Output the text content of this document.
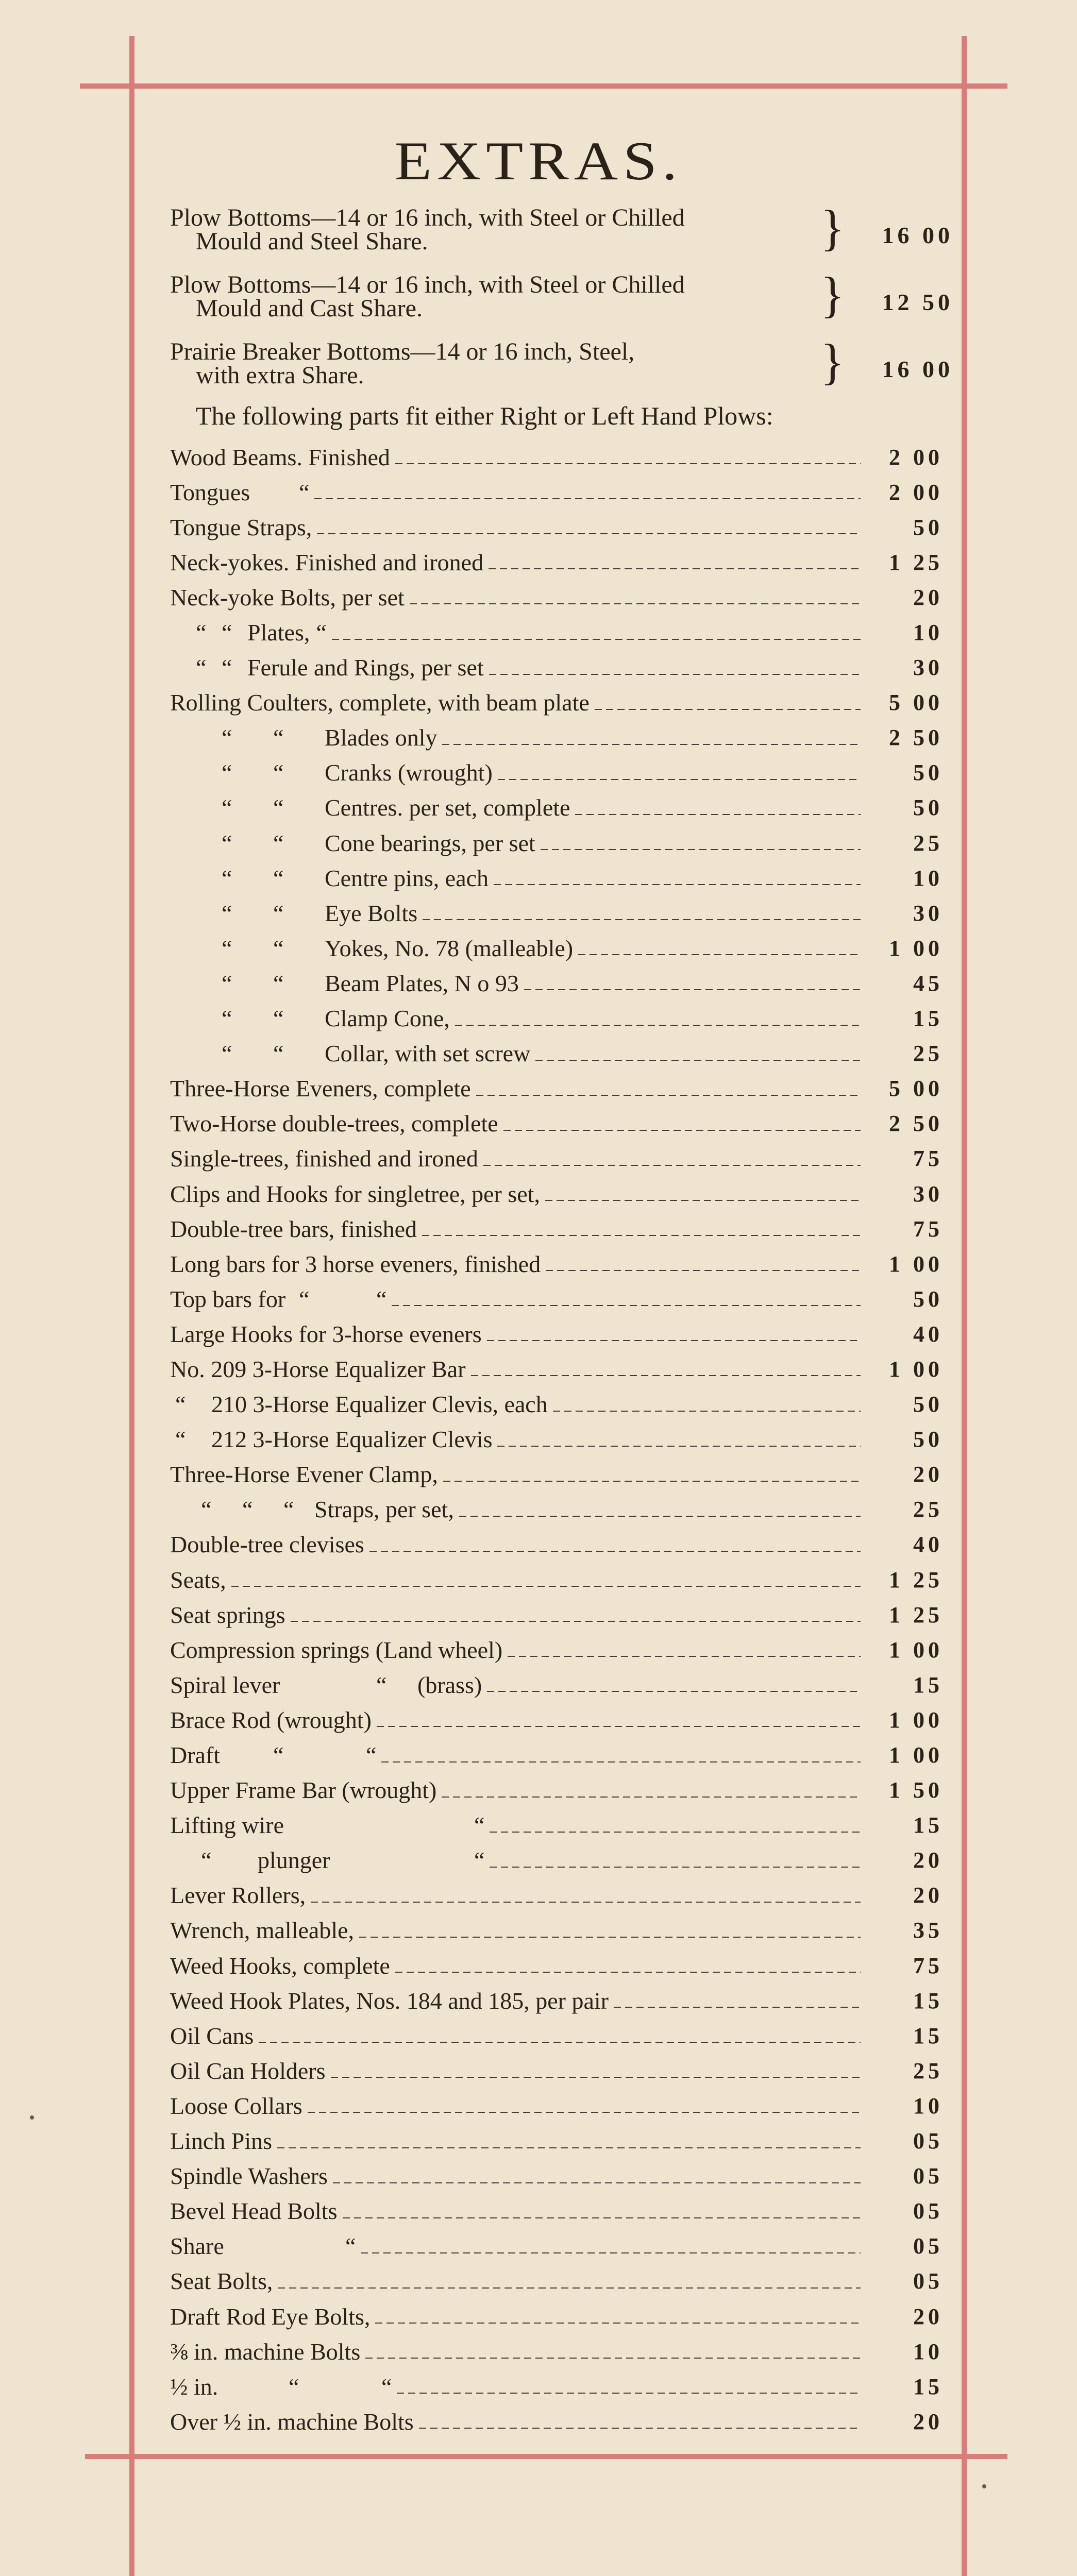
EXTRAS.
Plow Bottoms—14 or 16 inch, with Steel or Chilled
Mould and Steel Share.	} 16 00
Plow Bottoms—14 or 16 inch, with Steel or Chilled
Mould and Cast Share.	} 12 50
Prairie Breaker Bottoms—14 or 16 inch, Steel,
with extra Share.	} 16 00
The following parts fit either Right or Left Hand Plows:
Wood Beams. Finished	2 00
Tongues “	2 00
Tongue Straps,	50
Neck-yokes. Finished and ironed	1 25
Neck-yoke Bolts, per set	20
“ “ Plates, “	10
“ “ Ferule and Rings, per set	30
Rolling Coulters, complete, with beam plate	5 00
“ “ Blades only	2 50
“ “ Cranks (wrought)	50
“ “ Centres. per set, complete	50
“ “ Cone bearings, per set	25
“ “ Centre pins, each	10
“ “ Eye Bolts	30
“ “ Yokes, No. 78 (malleable)	1 00
“ “ Beam Plates, N o 93	45
“ “ Clamp Cone,	15
“ “ Collar, with set screw	25
Three-Horse Eveners, complete	5 00
Two-Horse double-trees, complete	2 50
Single-trees, finished and ironed	75
Clips and Hooks for singletree, per set,	30
Double-tree bars, finished	75
Long bars for 3 horse eveners, finished	1 00
Top bars for “	“	50
Large Hooks for 3-horse eveners	40
No. 209 3-Horse Equalizer Bar	1 00
“ 210 3-Horse Equalizer Clevis, each	50
“ 212 3-Horse Equalizer Clevis	50
Three-Horse Evener Clamp,	20
“ “ “ Straps, per set,	25
Double-tree clevises	40
Seats,	1 25
Seat springs	1 25
Compression springs (Land wheel)	1 00
Spiral lever	“ (brass)	15
Brace Rod (wrought)	1 00
Draft “	“	1 00
Upper Frame Bar (wrought)	1 50
Lifting wire	“	15
“ plunger	“	20
Lever Rollers,	20
Wrench, malleable,	35
Weed Hooks, complete	75
Weed Hook Plates, Nos. 184 and 185, per pair	15
Oil Cans	15
Oil Can Holders	25
Loose Collars	10
Linch Pins	05
Spindle Washers	05
Bevel Head Bolts	05
Share	“	05
Seat Bolts,	05
Draft Rod Eye Bolts,	20
⅜ in. machine Bolts	10
½ in.	“	“	15
Over ½ in. machine Bolts	20
